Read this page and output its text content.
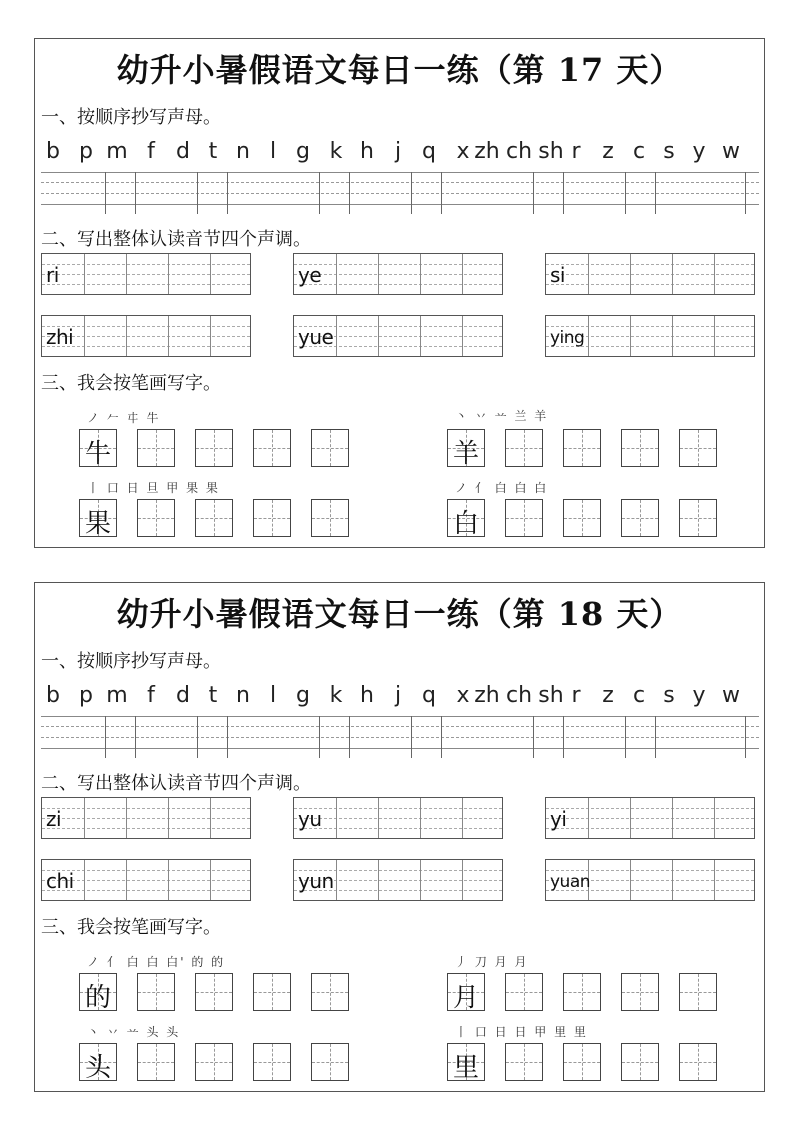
幼升小暑假语文每日一练（第 17 天）
一、按顺序抄写声母。
b p m f d t n l g k h j q x zh ch sh r z c s y w
二、写出整体认读音节四个声调。
ri	ye	si
zhi	yue	ying
三、我会按笔画写字。
ノ 𠂉 㐄 牛
牛
丶 丷 䒑 兰 羊
羊
丨 口 日 旦 甲 果 果
果
ノ 亻 白 白 白
白
幼升小暑假语文每日一练（第 18 天）
一、按顺序抄写声母。
b p m f d t n l g k h j q x zh ch sh r z c s y w
二、写出整体认读音节四个声调。
zi	yu	yi
chi	yun	yuan
三、我会按笔画写字。
ノ 亻 白 白 白' 的 的
的
丿 刀 月 月
月
丶 丷 䒑 头 头
头
丨 口 日 日 甲 里 里
里
